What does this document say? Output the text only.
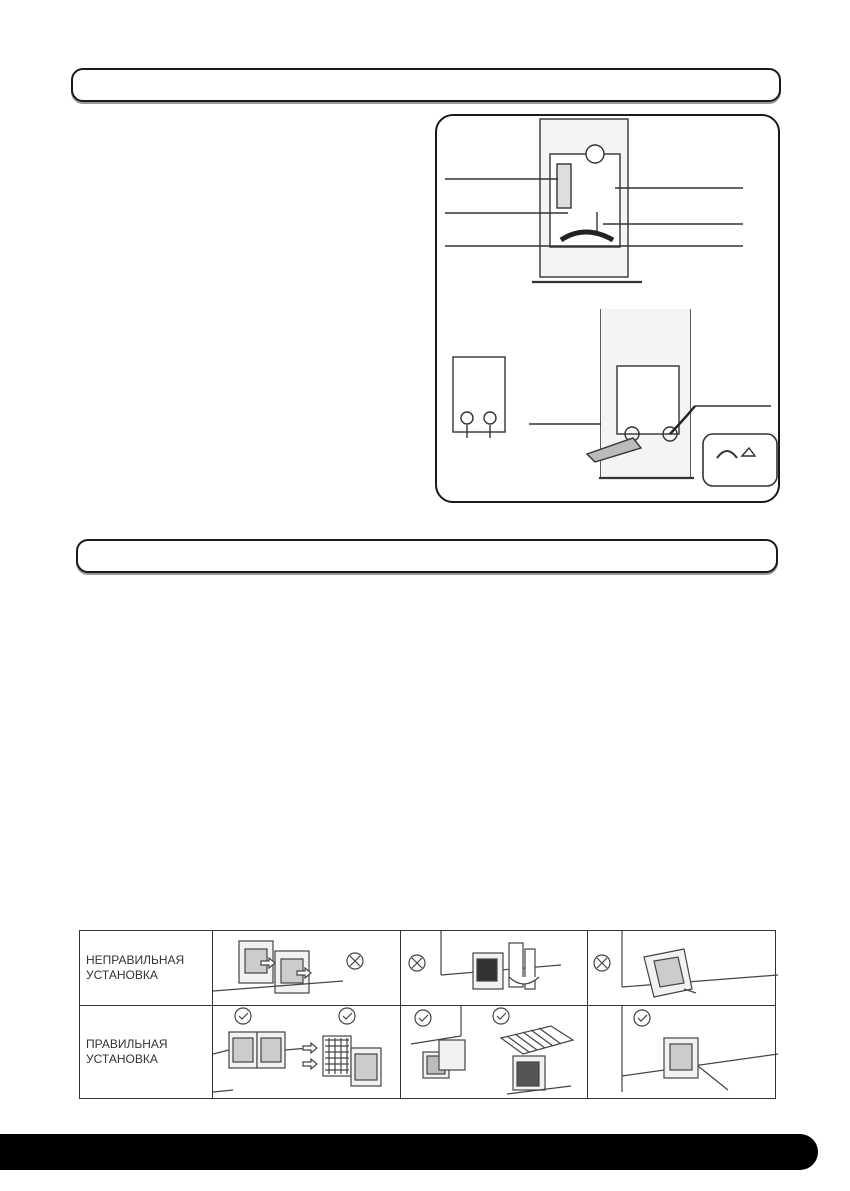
НЕПРАВИЛЬНАЯ
УСТАНОВКА

ПРАВИЛЬНАЯ
УСТАНОВКА
